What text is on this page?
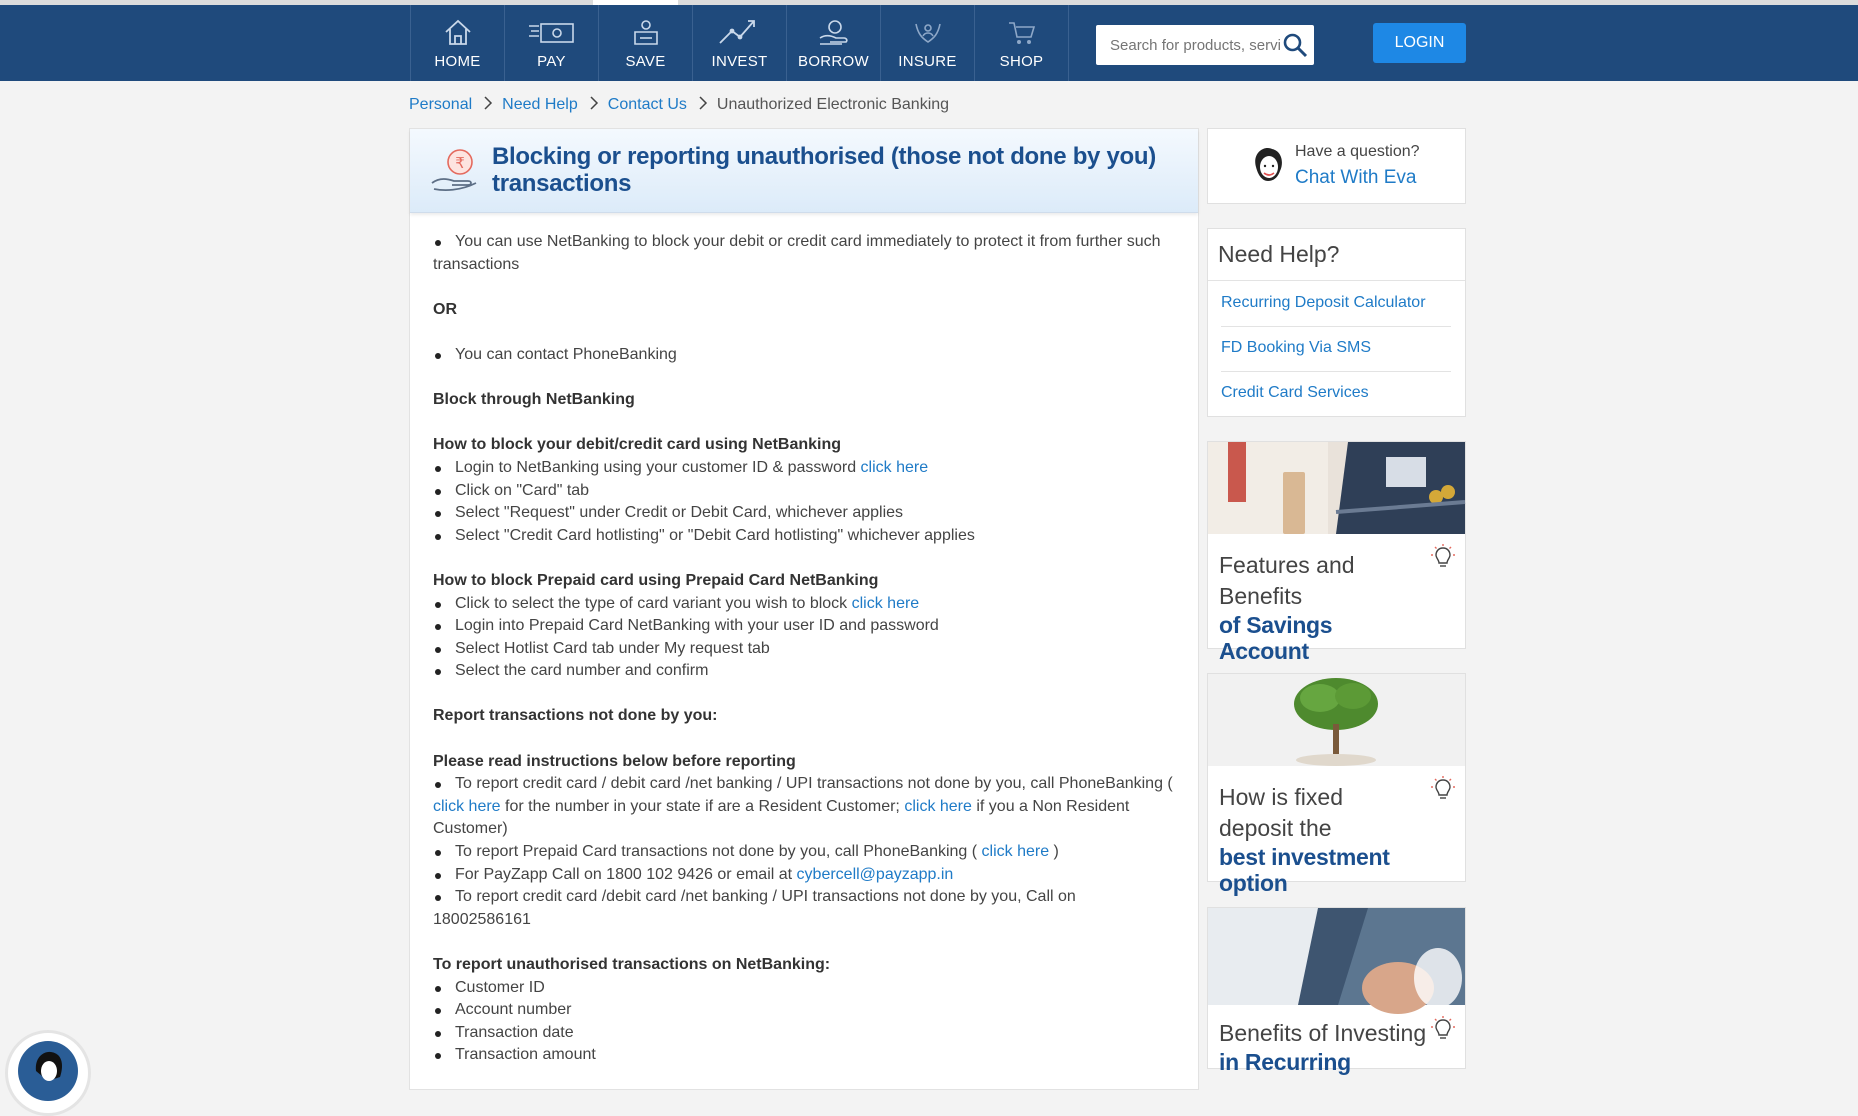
HOME	PAY	SAVE	INVEST BORROW INSURE	SHOP
Search for products, servi...
LOGIN
Personal Need Help Contact Us Unauthorized Electronic Banking
₹ Blocking or reporting unauthorised (those not done by you) transactions
You can use NetBanking to block your debit or credit card immediately to protect it from further such transactions
OR
You can contact PhoneBanking
Block through NetBanking
How to block your debit/credit card using NetBanking
Login to NetBanking using your customer ID & password click here
Click on "Card" tab
Select "Request" under Credit or Debit Card, whichever applies
Select "Credit Card hotlisting" or "Debit Card hotlisting" whichever applies
How to block Prepaid card using Prepaid Card NetBanking
Click to select the type of card variant you wish to block click here
Login into Prepaid Card NetBanking with your user ID and password
Select Hotlist Card tab under My request tab
Select the card number and confirm
Report transactions not done by you:
Please read instructions below before reporting
To report credit card / debit card /net banking / UPI transactions not done by you, call PhoneBanking ( click here for the number in your state if are a Resident Customer; click here if you a Non Resident Customer)
To report Prepaid Card transactions not done by you, call PhoneBanking ( click here )
For PayZapp Call on 1800 102 9426 or email at cybercell@payzapp.in
To report credit card /debit card /net banking / UPI transactions not done by you, Call on 18002586161
To report unauthorised transactions on NetBanking:
Customer ID
Account number
Transaction date
Transaction amount
Have a question?
Chat With Eva
Need Help?
Recurring Deposit Calculator
FD Booking Via SMS
Credit Card Services
Features and Benefits
of Savings Account
How is fixed deposit the
best investment option
Benefits of Investing
in Recurring
